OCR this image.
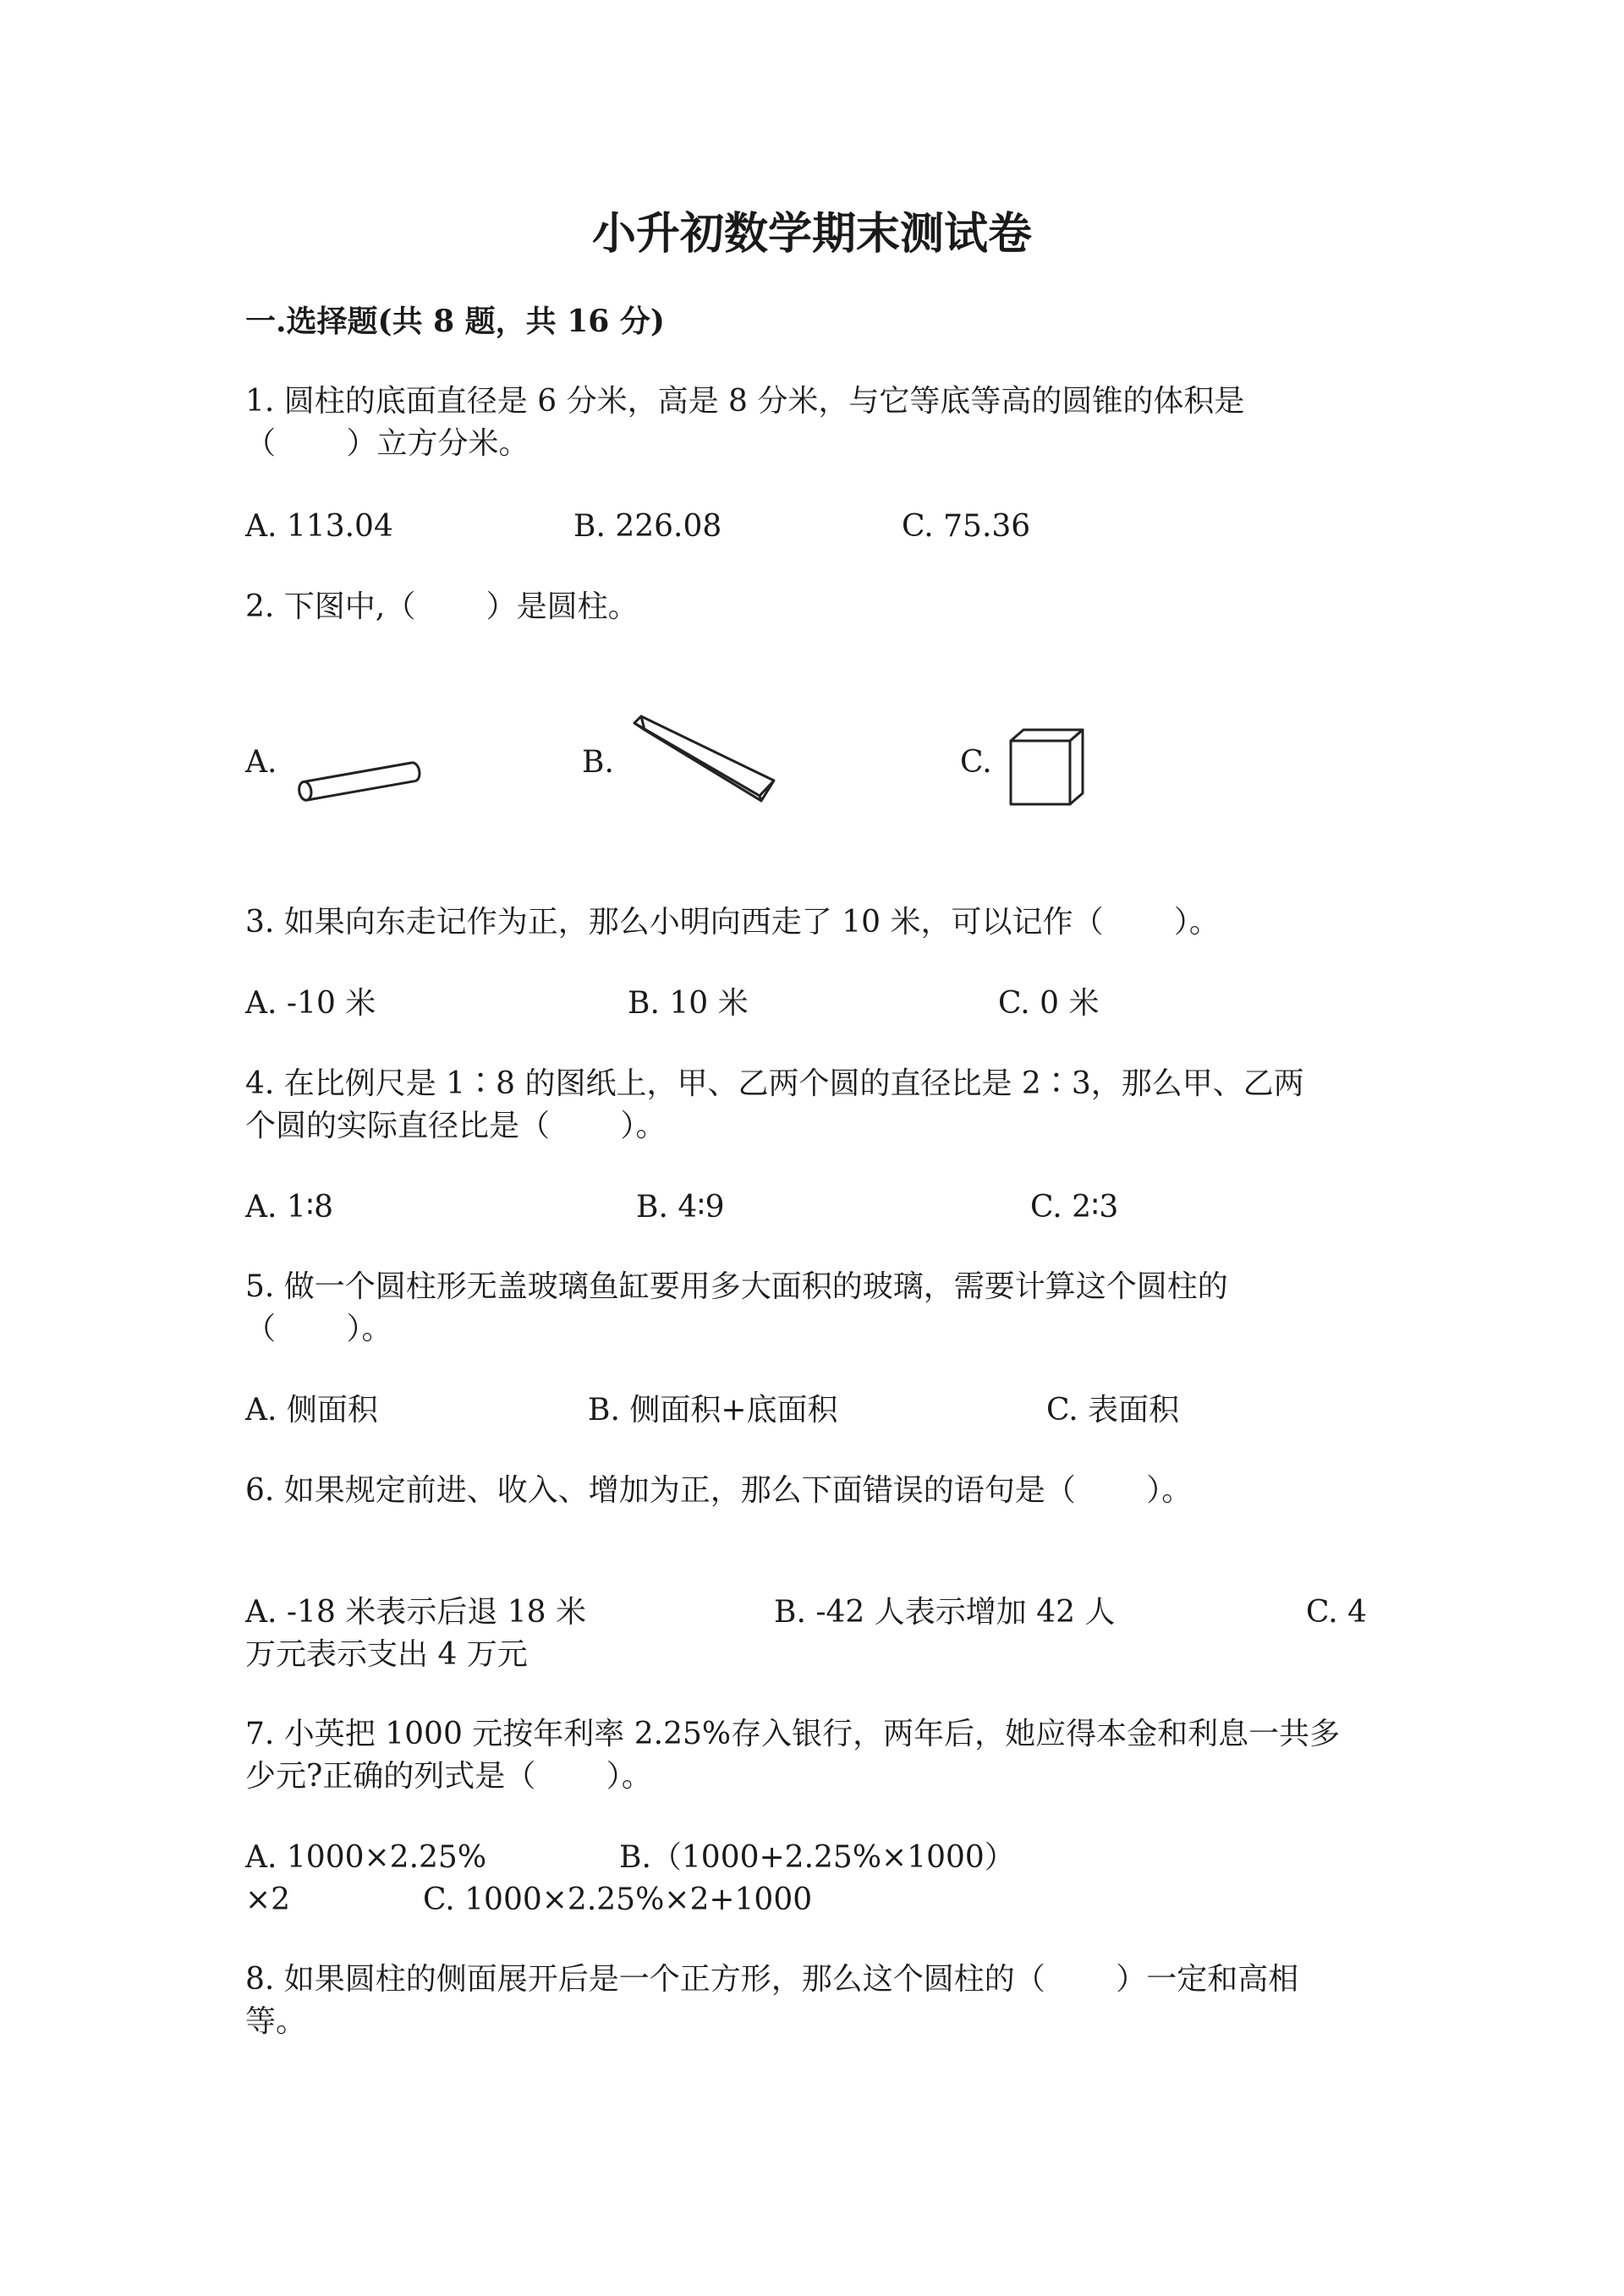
小升初数学期末测试卷
一.选择题(共 8 题，共 16 分)
1. 圆柱的底面直径是 6 分米，高是 8 分米，与它等底等高的圆锥的体积是
（　　 ）立方分米。
A. 113.04	B. 226.08	C. 75.36
2. 下图中,（　　 ）是圆柱。
A.	B.	C.
3. 如果向东走记作为正，那么小明向西走了 10 米，可以记作（　　 ）。
A. -10 米	B. 10 米	C. 0 米
4. 在比例尺是 1∶8 的图纸上，甲、乙两个圆的直径比是 2∶3，那么甲、乙两
个圆的实际直径比是（　　 ）。
A. 1∶8	B. 4∶9	C. 2∶3
5. 做一个圆柱形无盖玻璃鱼缸要用多大面积的玻璃，需要计算这个圆柱的
（　　 ）。
A. 侧面积	B. 侧面积+底面积	C. 表面积
6. 如果规定前进、收入、增加为正，那么下面错误的语句是（　　 ）。
A. -18 米表示后退 18 米	B. -42 人表示增加 42 人	C. 4
万元表示支出 4 万元
7. 小英把 1000 元按年利率 2.25%存入银行，两年后，她应得本金和利息一共多
少元?正确的列式是（　　 ）。
A. 1000×2.25%	B.（1000+2.25%×1000）
×2	C. 1000×2.25%×2+1000
8. 如果圆柱的侧面展开后是一个正方形，那么这个圆柱的（　　 ）一定和高相
等。
